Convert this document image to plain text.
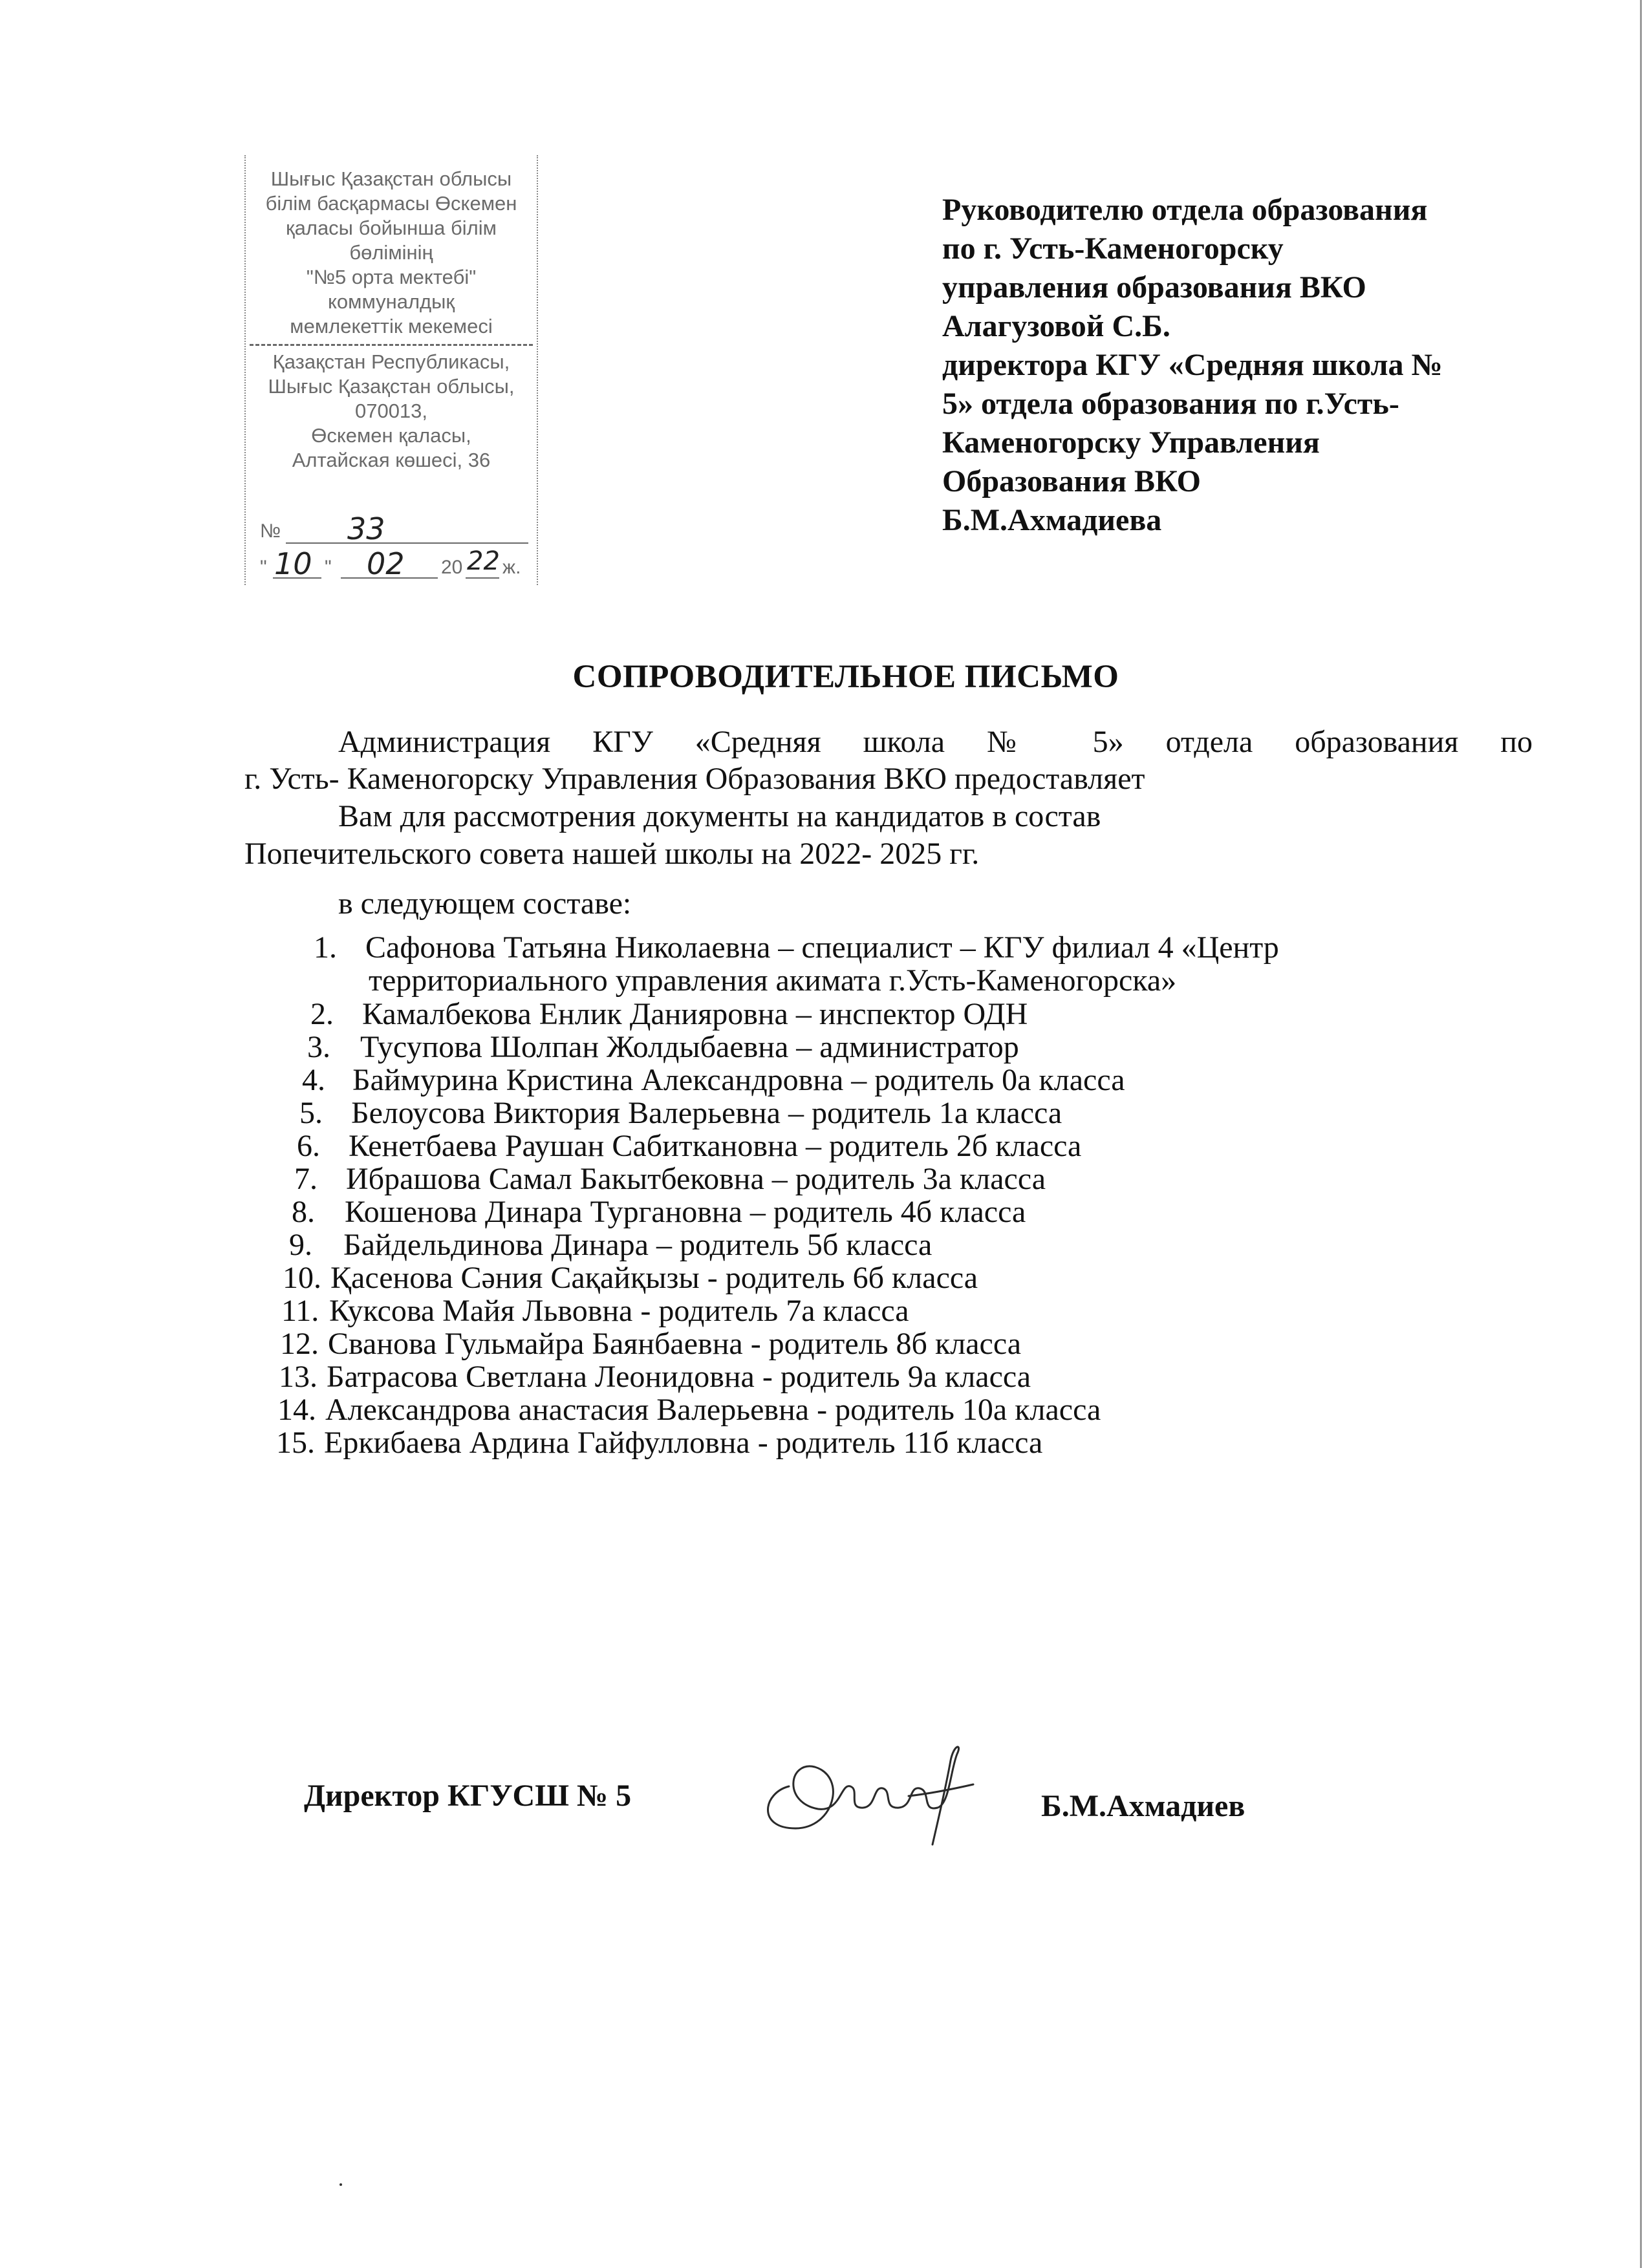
Шығыс Қазақстан облысы
білім басқармасы Өскемен
қаласы бойынша білім
бөлімінің
"№5 орта мектебі"
коммуналдық
мемлекеттік мекемесі
Қазақстан Республикасы,
Шығыс Қазақстан облысы,
070013,
Өскемен қаласы,
Алтайская көшесі, 36
№ 33
" 10 " 02 20 22 ж.
Руководителю отдела образования
по г. Усть-Каменогорску
управления образования ВКО
Алагузовой С.Б.
директора КГУ «Средняя школа №
5» отдела образования по г.Усть-
Каменогорску Управления
Образования ВКО
Б.М.Ахмадиева
СОПРОВОДИТЕЛЬНОЕ ПИСЬМО
Администрация КГУ «Средняя школа № 5» отдела образования по
г. Усть- Каменогорску Управления Образования ВКО предоставляет
Вам для рассмотрения документы на кандидатов в состав
Попечительского совета нашей школы на 2022- 2025 гг.
в следующем составе:
1. Сафонова Татьяна Николаевна – специалист – КГУ филиал 4 «Центр
территориального управления акимата г.Усть-Каменогорска»
2. Камалбекова Енлик Данияровна – инспектор ОДН
3. Тусупова Шолпан Жолдыбаевна – администратор
4. Баймурина Кристина Александровна – родитель 0а класса
5. Белоусова Виктория Валерьевна – родитель 1а класса
6. Кенетбаева Раушан Сабиткановна – родитель 2б класса
7. Ибрашова Самал Бакытбековна – родитель 3а класса
8. Кошенова Динара Тургановна – родитель 4б класса
9.	Байдельдинова Динара – родитель 5б класса
10. Қасенова Сәния Сақайқызы - родитель 6б класса
11. Куксова Майя Львовна - родитель 7а класса
12. Сванова Гульмайра Баянбаевна - родитель 8б класса
13. Батрасова Светлана Леонидовна - родитель 9а класса
14. Александрова анастасия Валерьевна - родитель 10а класса
15. Еркибаева Ардина Гайфулловна - родитель 11б класса
Директор КГУСШ № 5	Б.М.Ахмадиев
